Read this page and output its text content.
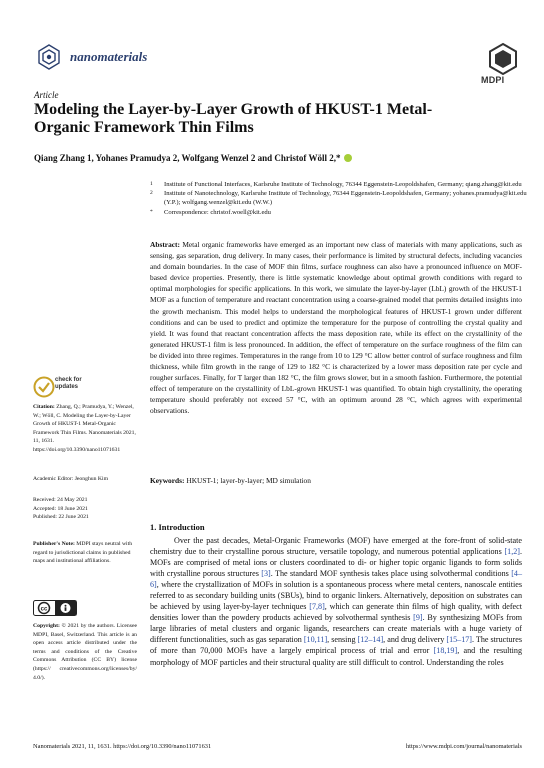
nanomaterials
MDPI
Article
Modeling the Layer-by-Layer Growth of HKUST-1 Metal-Organic Framework Thin Films
Qiang Zhang 1, Yohanes Pramudya 2, Wolfgang Wenzel 2 and Christof Wöll 2,*
1	Institute of Functional Interfaces, Karlsruhe Institute of Technology, 76344 Eggenstein-Leopoldshafen, Germany; qiang.zhang@kit.edu
2	Institute of Nanotechnology, Karlsruhe Institute of Technology, 76344 Eggenstein-Leopoldshafen, Germany; yohanes.pramudya@kit.edu (Y.P.); wolfgang.wenzel@kit.edu (W.W.)
*	Correspondence: christof.woell@kit.edu
Abstract: Metal organic frameworks have emerged as an important new class of materials with many applications, such as sensing, gas separation, drug delivery. In many cases, their performance is limited by structural defects, including vacancies and domain boundaries. In the case of MOF thin films, surface roughness can also have a pronounced influence on MOF-based device properties. Presently, there is little systematic knowledge about optimal growth conditions with regard to optimal morphologies for specific applications. In this work, we simulate the layer-by-layer (LbL) growth of the HKUST-1 MOF as a function of temperature and reactant concentration using a coarse-grained model that permits detailed insights into the growth mechanism. This model helps to understand the morphological features of HKUST-1 grown under different conditions and can be used to predict and optimize the temperature for the purpose of controlling the crystal quality and yield. It was found that reactant concentration affects the mass deposition rate, while its effect on the crystallinity of the generated HKUST-1 film is less pronounced. In addition, the effect of temperature on the surface roughness of the film can be divided into three regimes. Temperatures in the range from 10 to 129 °C allow better control of surface roughness and film thickness, while film growth in the range of 129 to 182 °C is characterized by a lower mass deposition rate per cycle and rougher surfaces. Finally, for T larger than 182 °C, the film grows slower, but in a smooth fashion. Furthermore, the potential effect of temperature on the crystallinity of LbL-grown HKUST-1 was quantified. To obtain high crystallinity, the operating temperature should preferably not exceed 57 °C, with an optimum around 28 °C, which agrees with experimental observations.
Keywords: HKUST-1; layer-by-layer; MD simulation
1. Introduction
Over the past decades, Metal-Organic Frameworks (MOF) have emerged at the fore-front of solid-state chemistry due to their crystalline porous structure, versatile topology, and numerous potential applications [1,2]. MOFs are comprised of metal ions or clusters coordinated to di- or higher topic organic ligands to form solids with crystalline porous structures [3]. The standard MOF synthesis takes place using solvothermal conditions [4–6], where the crystallization of MOFs in solution is a spontaneous process where metal centers, nanoscale entities referred to as secondary building units (SBUs), bind to organic linkers. Alternatively, deposition on substrates can be achieved by using layer-by-layer techniques [7,8], which can generate thin films of high quality, with defect densities lower than the powdery products achieved by solvothermal synthesis [9]. By synthesizing MOFs from large libraries of metal clusters and organic ligands, researchers can create materials with a huge variety of different functionalities, such as gas separation [10,11], sensing [12–14], and drug delivery [15–17]. The structures of more than 70,000 MOFs have a largely empirical process of trial and error [18,19], and the resulting morphology of MOF particles and their structural quality are still difficult to control. Understanding the roles
check for
updates
Citation: Zhang, Q.; Pramudya, Y.; Wenzel, W.; Wöll, C. Modeling the Layer-by-Layer Growth of HKUST-1 Metal-Organic Framework Thin Films. Nanomaterials 2021, 11, 1631. https://doi.org/10.3390/nano11071631
Academic Editor: Jeonghun Kim
Received: 24 May 2021
Accepted: 18 June 2021
Published: 22 June 2021
Publisher's Note: MDPI stays neutral with regard to jurisdictional claims in published maps and institutional affiliations.
cc
Copyright: © 2021 by the authors. Licensee MDPI, Basel, Switzerland. This article is an open access article distributed under the terms and conditions of the Creative Commons Attribution (CC BY) license (https:// creativecommons.org/licenses/by/ 4.0/).
Nanomaterials 2021, 11, 1631. https://doi.org/10.3390/nano11071631	https://www.mdpi.com/journal/nanomaterials
